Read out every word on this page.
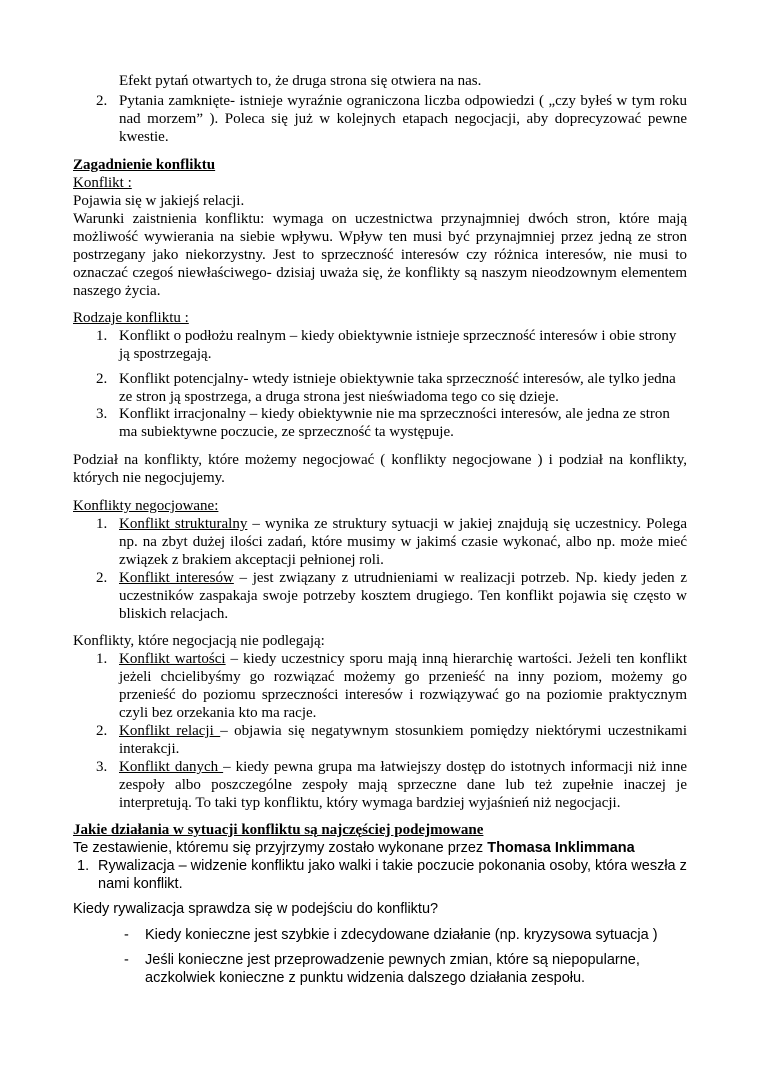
Efekt pytań otwartych to, że druga strona się otwiera na nas.

2. Pytania zamknięte- istnieje wyraźnie ograniczona liczba odpowiedzi ( „czy byłeś w tym roku nad morzem” ). Poleca się już w kolejnych etapach negocjacji, aby doprecyzować pewne kwestie.

Zagadnienie konfliktu

Konflikt :

Pojawia się w jakiejś relacji.

Warunki zaistnienia konfliktu: wymaga on uczestnictwa przynajmniej dwóch stron, które mają możliwość wywierania na siebie wpływu. Wpływ ten musi być przynajmniej przez jedną ze stron postrzegany jako niekorzystny. Jest to sprzeczność interesów czy różnica interesów, nie musi to oznaczać czegoś niewłaściwego- dzisiaj uważa się, że konflikty są naszym nieodzownym elementem naszego życia.

Rodzaje konfliktu :

1. Konflikt o podłożu realnym – kiedy obiektywnie istnieje sprzeczność interesów i obie strony ją spostrzegają.

2. Konflikt potencjalny- wtedy istnieje obiektywnie taka sprzeczność interesów, ale tylko jedna ze stron ją spostrzega, a druga strona jest nieświadoma tego co się dzieje.

3. Konflikt irracjonalny – kiedy obiektywnie nie ma sprzeczności interesów, ale jedna ze stron ma subiektywne poczucie, ze sprzeczność ta występuje.

Podział na konflikty, które możemy negocjować ( konflikty negocjowane ) i podział na konflikty, których nie negocjujemy.

Konflikty negocjowane:

1. Konflikt strukturalny – wynika ze struktury sytuacji w jakiej znajdują się uczestnicy. Polega np. na zbyt dużej ilości zadań, które musimy w jakimś czasie wykonać, albo np. może mieć związek z brakiem akceptacji pełnionej roli.

2. Konflikt interesów – jest związany z utrudnieniami w realizacji potrzeb. Np. kiedy jeden z uczestników zaspakaja swoje potrzeby kosztem drugiego. Ten konflikt pojawia się często w bliskich relacjach.

Konflikty, które negocjacją nie podlegają:

1. Konflikt wartości – kiedy uczestnicy sporu mają inną hierarchię wartości. Jeżeli ten konflikt jeżeli chcielibyśmy go rozwiązać możemy go przenieść na inny poziom, możemy go przenieść do poziomu sprzeczności interesów i rozwiązywać go na poziomie praktycznym czyli bez orzekania kto ma racje.

2. Konflikt relacji – objawia się negatywnym stosunkiem pomiędzy niektórymi uczestnikami interakcji.

3. Konflikt danych – kiedy pewna grupa ma łatwiejszy dostęp do istotnych informacji niż inne zespoły albo poszczególne zespoły mają sprzeczne dane lub też zupełnie inaczej je interpretują. To taki typ konfliktu, który wymaga bardziej wyjaśnień niż negocjacji.

Jakie działania w sytuacji konfliktu są najczęściej podejmowane

Te zestawienie, któremu się przyjrzymy zostało wykonane przez Thomasa Inklimmana

1. Rywalizacja – widzenie konfliktu jako walki i takie poczucie pokonania osoby, która weszła z nami konflikt.

Kiedy rywalizacja sprawdza się w podejściu do konfliktu?

- Kiedy konieczne jest szybkie i zdecydowane działanie (np. kryzysowa sytuacja )

- Jeśli konieczne jest przeprowadzenie pewnych zmian, które są niepopularne, aczkolwiek konieczne z punktu widzenia dalszego działania zespołu.
